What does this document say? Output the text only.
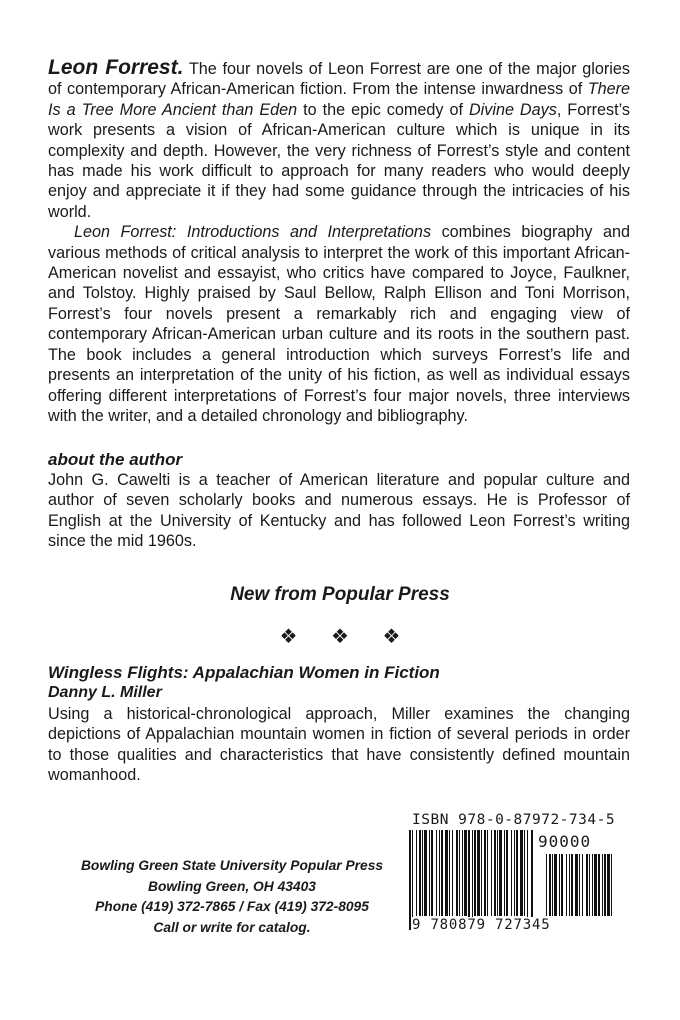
Leon Forrest. The four novels of Leon Forrest are one of the major glories of contemporary African-American fiction. From the intense inwardness of There Is a Tree More Ancient than Eden to the epic comedy of Divine Days, Forrest’s work presents a vision of African-American culture which is unique in its complexity and depth. However, the very richness of Forrest’s style and content has made his work difficult to approach for many readers who would deeply enjoy and appreciate it if they had some guidance through the intricacies of his world.

Leon Forrest: Introductions and Interpretations combines biography and various methods of critical analysis to interpret the work of this important African-American novelist and essayist, who critics have compared to Joyce, Faulkner, and Tolstoy. Highly praised by Saul Bellow, Ralph Ellison and Toni Morrison, Forrest’s four novels present a remarkably rich and engaging view of contemporary African-American urban culture and its roots in the southern past. The book includes a general introduction which surveys Forrest’s life and presents an interpretation of the unity of his fiction, as well as individual essays offering different interpretations of Forrest’s four major novels, three interviews with the writer, and a detailed chronology and bibliography.

about the author

John G. Cawelti is a teacher of American literature and popular culture and author of seven scholarly books and numerous essays. He is Professor of English at the University of Kentucky and has followed Leon Forrest’s writing since the mid 1960s.

New from Popular Press
❖ ❖ ❖

Wingless Flights: Appalachian Women in Fiction

Danny L. Miller

Using a historical-chronological approach, Miller examines the changing depictions of Appalachian mountain women in fiction of several periods in order to those qualities and characteristics that have consistently defined mountain womanhood.

Bowling Green State University Popular Press
Bowling Green, OH 43403
Phone (419) 372-7865 / Fax (419) 372-8095
Call or write for catalog.
ISBN 978-0-87972-734-5
90000
9 780879 727345
